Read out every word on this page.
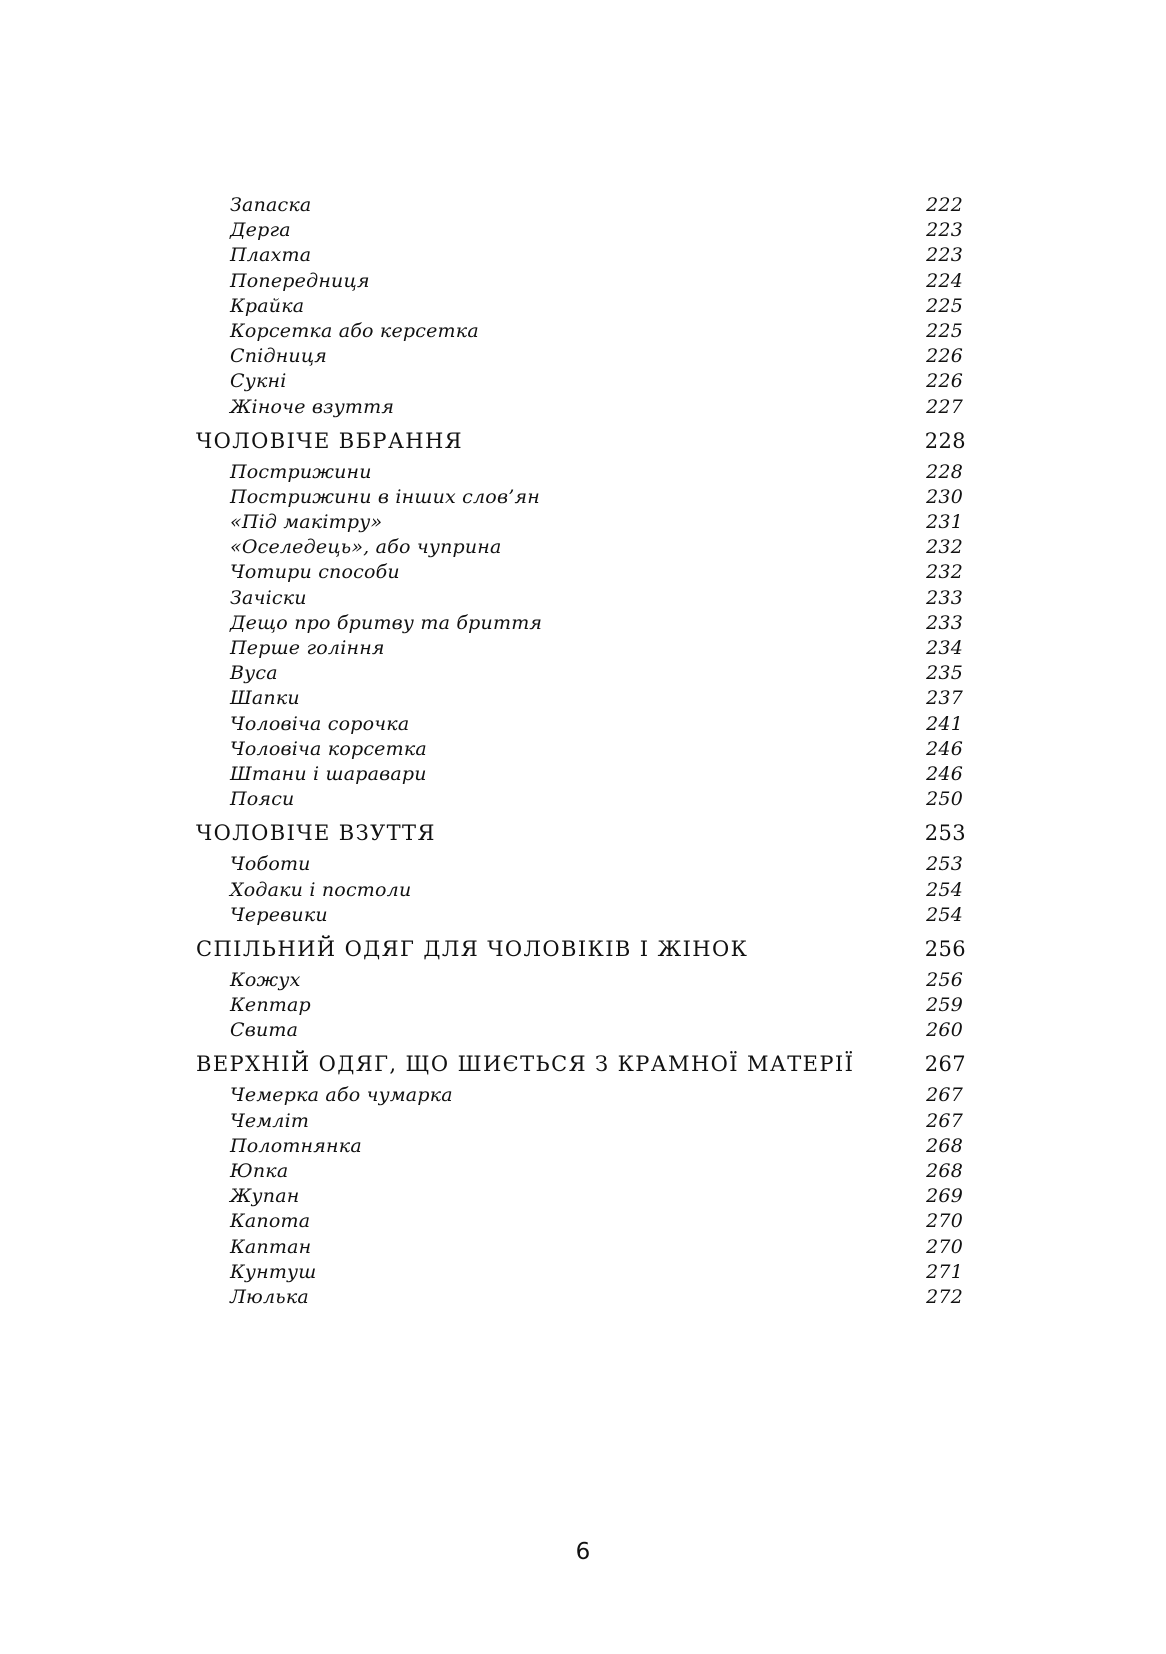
Запаска	222
Дерга	223
Плахта	223
Попередниця	224
Крайка	225
Корсетка або керсетка	225
Спідниця	226
Сукні	226
Жіноче взуття	227
ЧОЛОВІЧЕ ВБРАННЯ	228
Пострижини	228
Пострижини в інших слов’ян	230
«Під макітру»	231
«Оселедець», або чуприна	232
Чотири способи	232
Зачіски	233
Дещо про бритву та бриття	233
Перше гоління	234
Вуса	235
Шапки	237
Чоловіча сорочка	241
Чоловіча корсетка	246
Штани і шаравари	246
Пояси	250
ЧОЛОВІЧЕ ВЗУТТЯ	253
Чоботи	253
Ходаки і постоли	254
Черевики	254
СПІЛЬНИЙ ОДЯГ ДЛЯ ЧОЛОВІКІВ І ЖІНОК	256
Кожух	256
Кептар	259
Свита	260
ВЕРХНІЙ ОДЯГ, ЩО ШИЄТЬСЯ З КРАМНОЇ МАТЕРІЇ	267
Чемерка або чумарка	267
Чемліт	267
Полотнянка	268
Юпка	268
Жупан	269
Капота	270
Каптан	270
Кунтуш	271
Люлька	272
6
